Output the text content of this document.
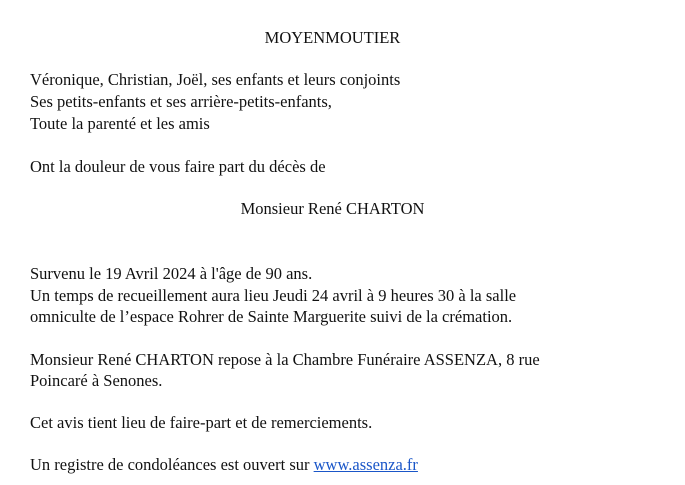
MOYENMOUTIER
Véronique, Christian, Joël, ses enfants et leurs conjoints
Ses petits-enfants et ses arrière-petits-enfants,
Toute la parenté et les amis
Ont la douleur de vous faire part du décès de
Monsieur René CHARTON
Survenu le 19 Avril 2024 à l'âge de 90 ans.
Un temps de recueillement aura lieu Jeudi 24 avril à 9 heures 30 à la salle
omniculte de l’espace Rohrer de Sainte Marguerite suivi de la crémation.
Monsieur René CHARTON repose à la Chambre Funéraire ASSENZA, 8 rue
Poincaré à Senones.
Cet avis tient lieu de faire-part et de remerciements.
Un registre de condoléances est ouvert sur www.assenza.fr
